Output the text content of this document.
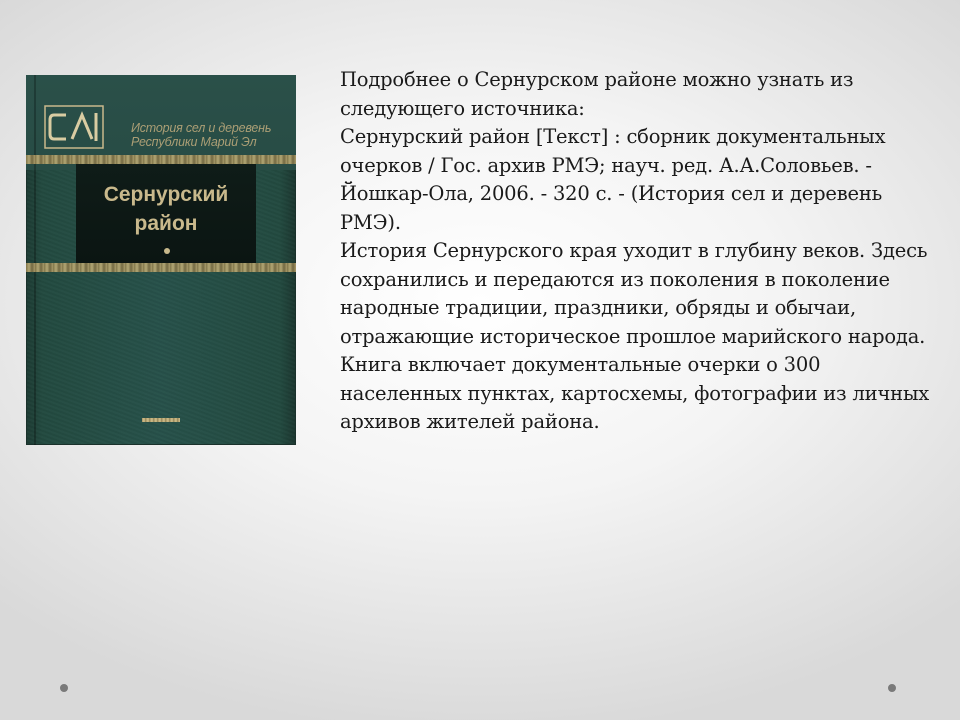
СД
История сел и деревень Республики Марий Эл
Сернурский
район

Подробнее о Сернурском районе можно узнать из следующего источника:

Сернурский район [Текст] : сборник документальных очерков / Гос. архив РМЭ; науч. ред. А.А.Соловьев. - Йошкар-Ола, 2006. - 320 с. - (История сел и деревень РМЭ).

История Сернурского края уходит в глубину веков. Здесь сохранились и передаются из поколения в поколение народные традиции, праздники, обряды и обычаи, отражающие историческое прошлое марийского народа.

Книга включает документальные очерки о 300 населенных пунктах, картосхемы, фотографии из личных архивов жителей района.
